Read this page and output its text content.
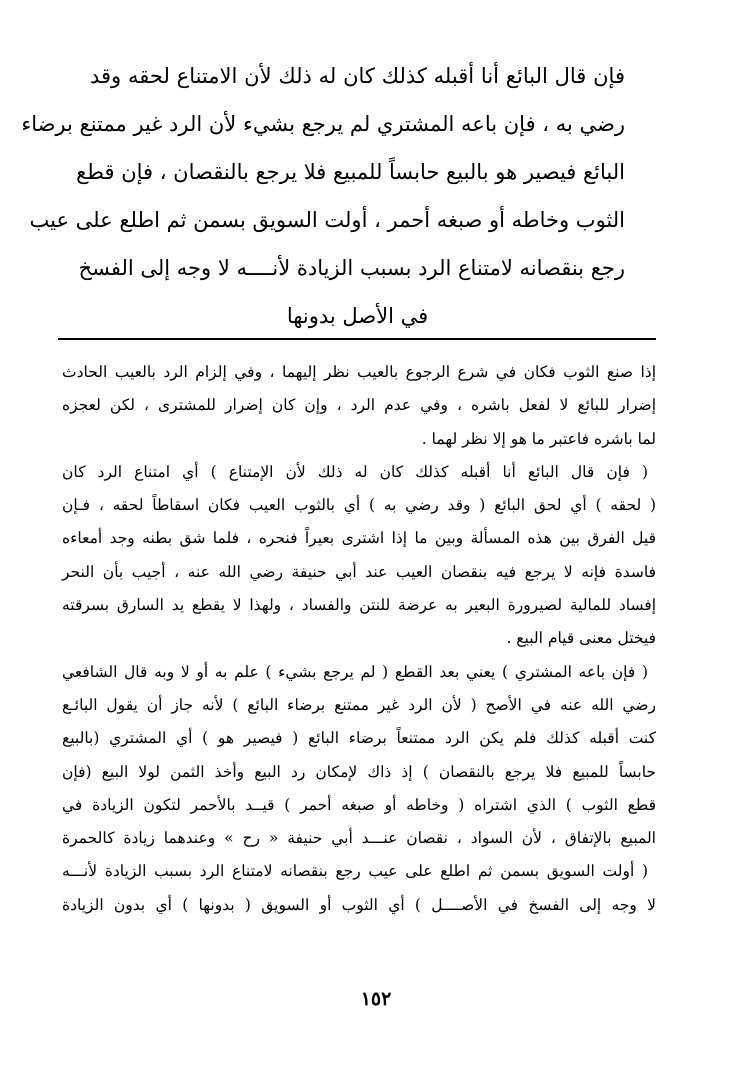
فإن قال البائع أنا أقبله كذلك كان له ذلك لأن الامتناع لحقه وقد
رضي به ، فإن باعه المشتري لم يرجع بشيء لأن الرد غير ممتنع برضاء
البائع فيصير هو بالبيع حابساً للمبيع فلا يرجع بالنقصان ، فإن قطع
الثوب وخاطه أو صبغه أحمر ، أولت السويق بسمن ثم اطلع على عيب
رجع بنقصانه لامتناع الرد بسبب الزيادة لأنــــه لا وجه إلى الفسخ
في الأصل بدونها
إذا صنع الثوب فكان في شرع الرجوع بالعيب نظر إليهما ، وفي إلزام الرد بالعيب الحادث
إضرار للبائع لا لفعل باشره ، وفي عدم الرد ، وإن كان إضرار للمشترى ، لكن لعجزه
لما باشره فاعتبر ما هو إلا نظر لهما .
( فإن قال البائع أنا أقبله كذلك كان له ذلك لأن الإمتناع ) أي امتناع الرد كان
( لحقه ) أي لحق البائع ( وقد رضي به ) أي بالثوب العيب فكان اسقاطاً لحقه ، فـإن
قيل الفرق بين هذه المسألة وبين ما إذا اشترى بعيراً فنحره ، فلما شق بطنه وجد أمعاءه
فاسدة فإنه لا يرجع فيه بنقصان العيب عند أبي حنيفة رضي الله عنه ، أجيب بأن النحر
إفساد للمالية لصيرورة البعير به عرضة للنتن والفساد ، ولهذا لا يقطع يد السارق بسرقته
فيختل معنى قيام البيع .
( فإن باعه المشتري ) يعني بعد القطع ( لم يرجع بشيء ) علم به أو لا وبه قال الشافعي
رضي الله عنه في الأصح ( لأن الرد غير ممتنع برضاء البائع ) لأنه جاز أن يقول البائـع
كنت أقبله كذلك فلم يكن الرد ممتنعاً برضاء البائع ( فيصير هو ) أي المشتري (بالبيع
حابساً للمبيع فلا يرجع بالنقصان ) إذ ذاك لإمكان رد البيع وأخذ الثمن لولا البيع (فإن
قطع الثوب ) الذي اشتراه ( وخاطه أو صبغه أحمر ) قيــد بالأحمر لتكون الزيادة في
المبيع بالإتفاق ، لأن السواد ، نقصان عنـــد أبي حنيفة « رح » وعندهما زيادة كالحمرة
( أولت السويق بسمن ثم اطلع على عيب رجع بنقصانه لامتناع الرد بسبب الزيادة لأنـــه
لا وجه إلى الفسخ في الأصــــل ) أي الثوب أو السويق ( بدونها ) أي بدون الزيادة
١٥٢
